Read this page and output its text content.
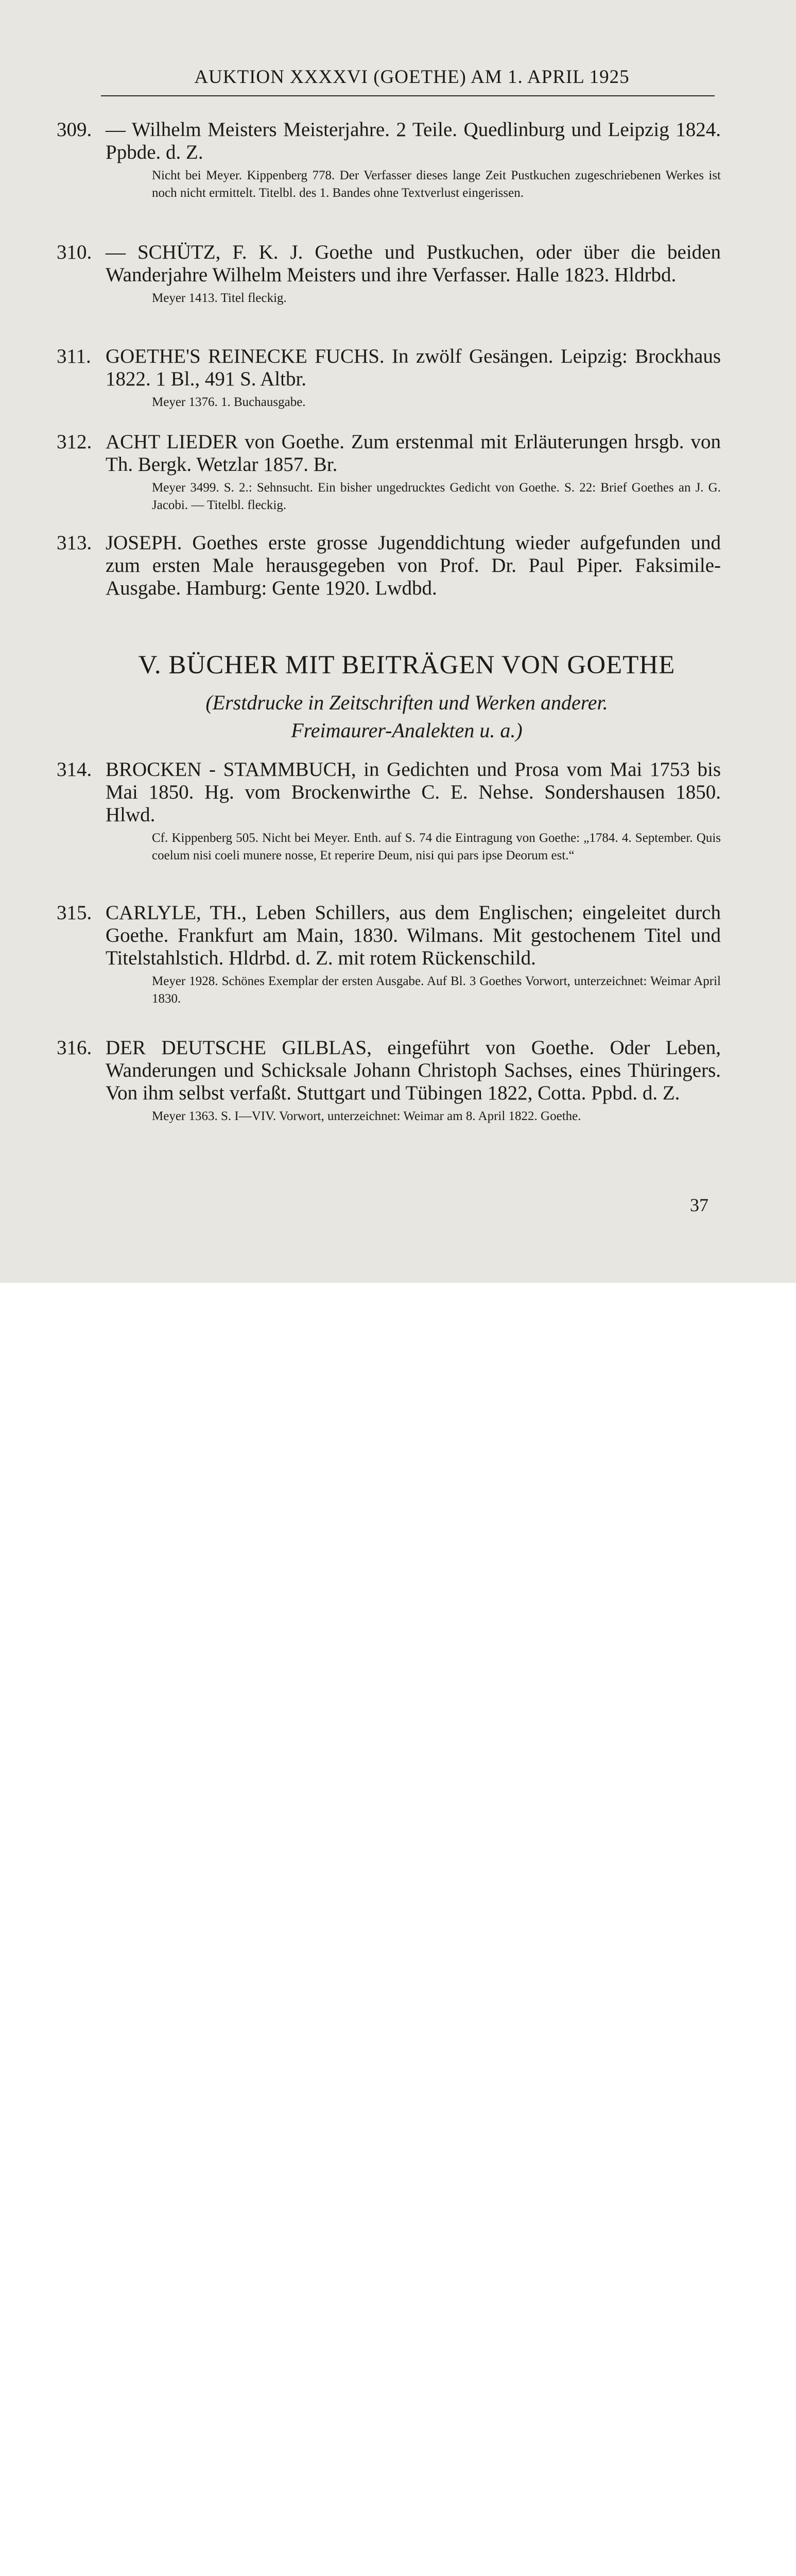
AUKTION XXXXVI (GOETHE) AM 1. APRIL 1925
309. — Wilhelm Meisters Meisterjahre. 2 Teile. Quedlinburg und Leipzig 1824. Ppbde. d. Z.
Nicht bei Meyer. Kippenberg 778. Der Verfasser dieses lange Zeit Pustkuchen zugeschriebenen Werkes ist noch nicht ermittelt. Titelbl. des 1. Bandes ohne Textverlust eingerissen.
310. — SCHÜTZ, F. K. J. Goethe und Pustkuchen, oder über die beiden Wanderjahre Wilhelm Meisters und ihre Verfasser. Halle 1823. Hldrbd.
Meyer 1413. Titel fleckig.
311. GOETHE'S REINECKE FUCHS. In zwölf Gesängen. Leipzig: Brockhaus 1822. 1 Bl., 491 S. Altbr.
Meyer 1376. 1. Buchausgabe.
312. ACHT LIEDER von Goethe. Zum erstenmal mit Erläuterungen hrsgb. von Th. Bergk. Wetzlar 1857. Br.
Meyer 3499. S. 2.: Sehnsucht. Ein bisher ungedrucktes Gedicht von Goethe. S. 22: Brief Goethes an J. G. Jacobi. — Titelbl. fleckig.
313. JOSEPH. Goethes erste grosse Jugenddichtung wieder aufgefunden und zum ersten Male herausgegeben von Prof. Dr. Paul Piper. Faksimile-Ausgabe. Hamburg: Gente 1920. Lwdbd.
V. BÜCHER MIT BEITRÄGEN VON GOETHE
(Erstdrucke in Zeitschriften und Werken anderer.
Freimaurer-Analekten u. a.)
314. BROCKEN - STAMMBUCH, in Gedichten und Prosa vom Mai 1753 bis Mai 1850. Hg. vom Brockenwirthe C. E. Nehse. Sondershausen 1850. Hlwd.
Cf. Kippenberg 505. Nicht bei Meyer. Enth. auf S. 74 die Eintragung von Goethe: „1784. 4. September. Quis coelum nisi coeli munere nosse, Et reperire Deum, nisi qui pars ipse Deorum est.“
315. CARLYLE, TH., Leben Schillers, aus dem Englischen; eingeleitet durch Goethe. Frankfurt am Main, 1830. Wilmans. Mit gestochenem Titel und Titelstahlstich. Hldrbd. d. Z. mit rotem Rückenschild.
Meyer 1928. Schönes Exemplar der ersten Ausgabe. Auf Bl. 3 Goethes Vorwort, unterzeichnet: Weimar April 1830.
316. DER DEUTSCHE GILBLAS, eingeführt von Goethe. Oder Leben, Wanderungen und Schicksale Johann Christoph Sachses, eines Thüringers. Von ihm selbst verfaßt. Stuttgart und Tübingen 1822, Cotta. Ppbd. d. Z.
Meyer 1363. S. I—VIV. Vorwort, unterzeichnet: Weimar am 8. April 1822. Goethe.
37
